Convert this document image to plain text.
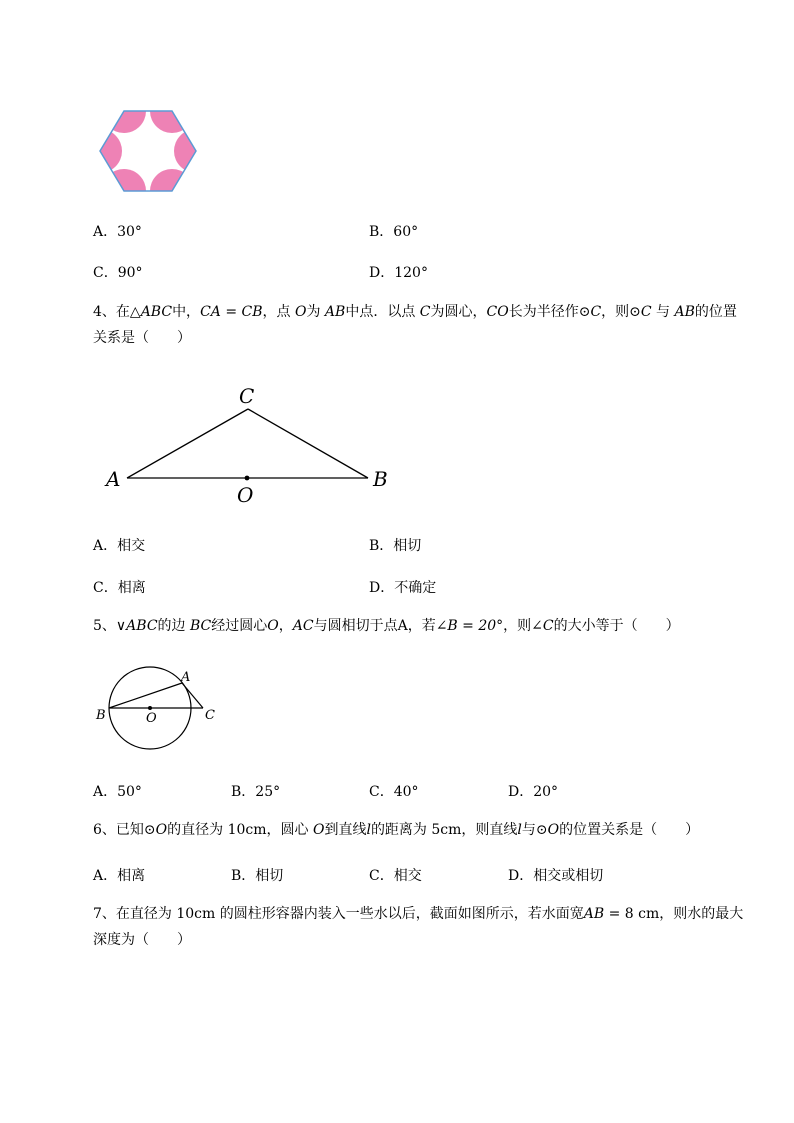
A．30°	B．60°
C．90°	D．120°
4、在△ABC中，CA = CB，点 O为 AB中点．以点 C为圆心，CO长为半径作⊙C，则⊙C 与 AB的位置
关系是（　　）
C
A	B
O
A．相交	B．相切
C．相离	D．不确定
5、∨ABC的边 BC经过圆心O，AC与圆相切于点A，若∠B = 20°，则∠C的大小等于（　　）
A
B	C
O
A．50°	B．25°	C．40°	D．20°
6、已知⊙O的直径为 10cm，圆心 O到直线l的距离为 5cm，则直线l与⊙O的位置关系是（　　）
A．相离	B．相切	C．相交	D．相交或相切
7、在直径为 10cm 的圆柱形容器内装入一些水以后，截面如图所示，若水面宽AB = 8 cm，则水的最大
深度为（　　）
